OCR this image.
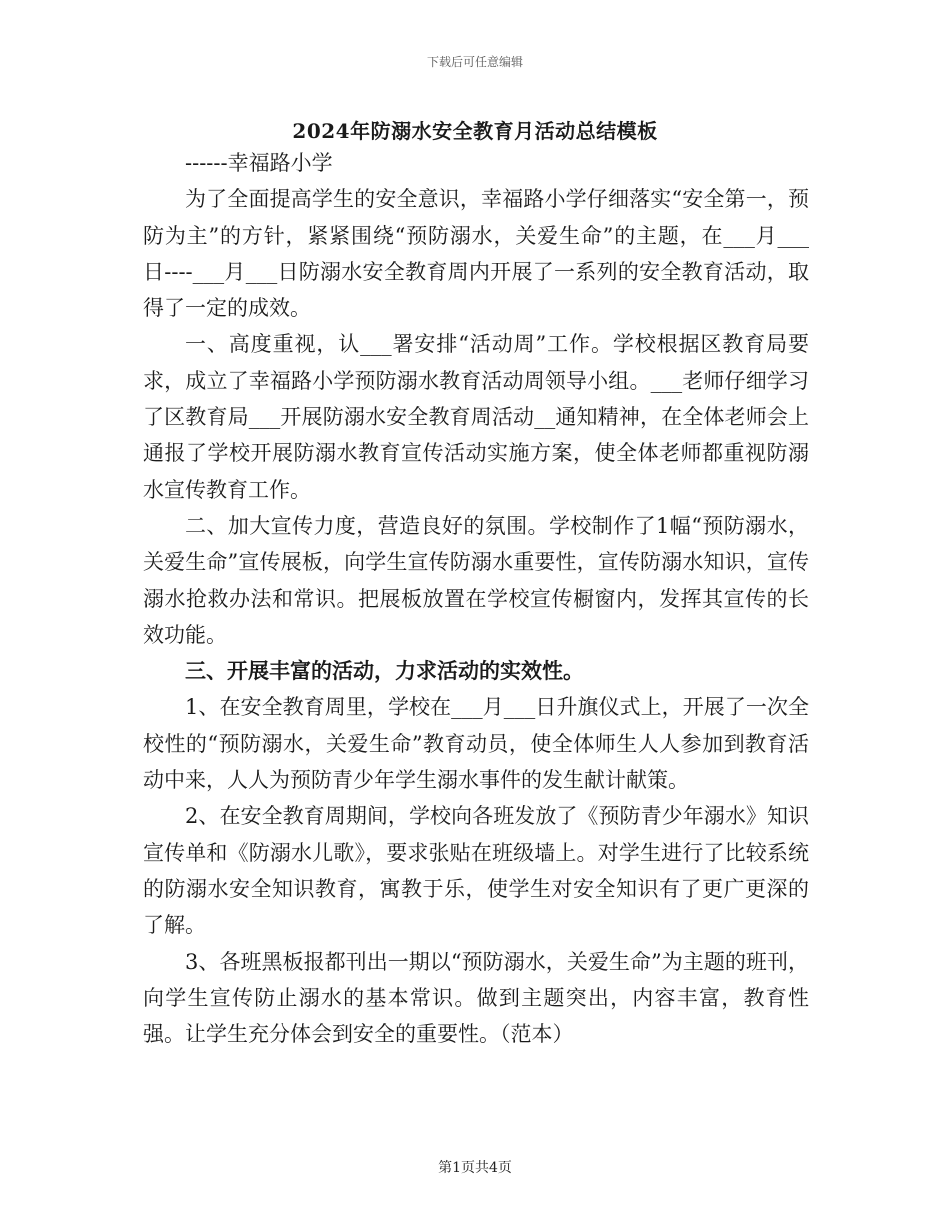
下载后可任意编辑
2024年防溺水安全教育月活动总结模板

------幸福路小学

为了全面提高学生的安全意识，幸福路小学仔细落实“安全第一，预防为主”的方针，紧紧围绕“预防溺水，关爱生命”的主题，在___月___日----___月___日防溺水安全教育周内开展了一系列的安全教育活动，取得了一定的成效。

一、高度重视，认___署安排“活动周”工作。学校根据区教育局要求，成立了幸福路小学预防溺水教育活动周领导小组。___老师仔细学习了区教育局___开展防溺水安全教育周活动__通知精神，在全体老师会上通报了学校开展防溺水教育宣传活动实施方案，使全体老师都重视防溺水宣传教育工作。

二、加大宣传力度，营造良好的氛围。学校制作了1幅“预防溺水，关爱生命”宣传展板，向学生宣传防溺水重要性，宣传防溺水知识，宣传溺水抢救办法和常识。把展板放置在学校宣传橱窗内，发挥其宣传的长效功能。

三、开展丰富的活动，力求活动的实效性。

1、在安全教育周里，学校在___月___日升旗仪式上，开展了一次全校性的“预防溺水，关爱生命”教育动员，使全体师生人人参加到教育活动中来，人人为预防青少年学生溺水事件的发生献计献策。

2、在安全教育周期间，学校向各班发放了《预防青少年溺水》知识宣传单和《防溺水儿歌》，要求张贴在班级墙上。对学生进行了比较系统的防溺水安全知识教育，寓教于乐，使学生对安全知识有了更广更深的了解。

3、各班黑板报都刊出一期以“预防溺水，关爱生命”为主题的班刊，向学生宣传防止溺水的基本常识。做到主题突出，内容丰富，教育性强。让学生充分体会到安全的重要性。（范本）

第1页共4页
